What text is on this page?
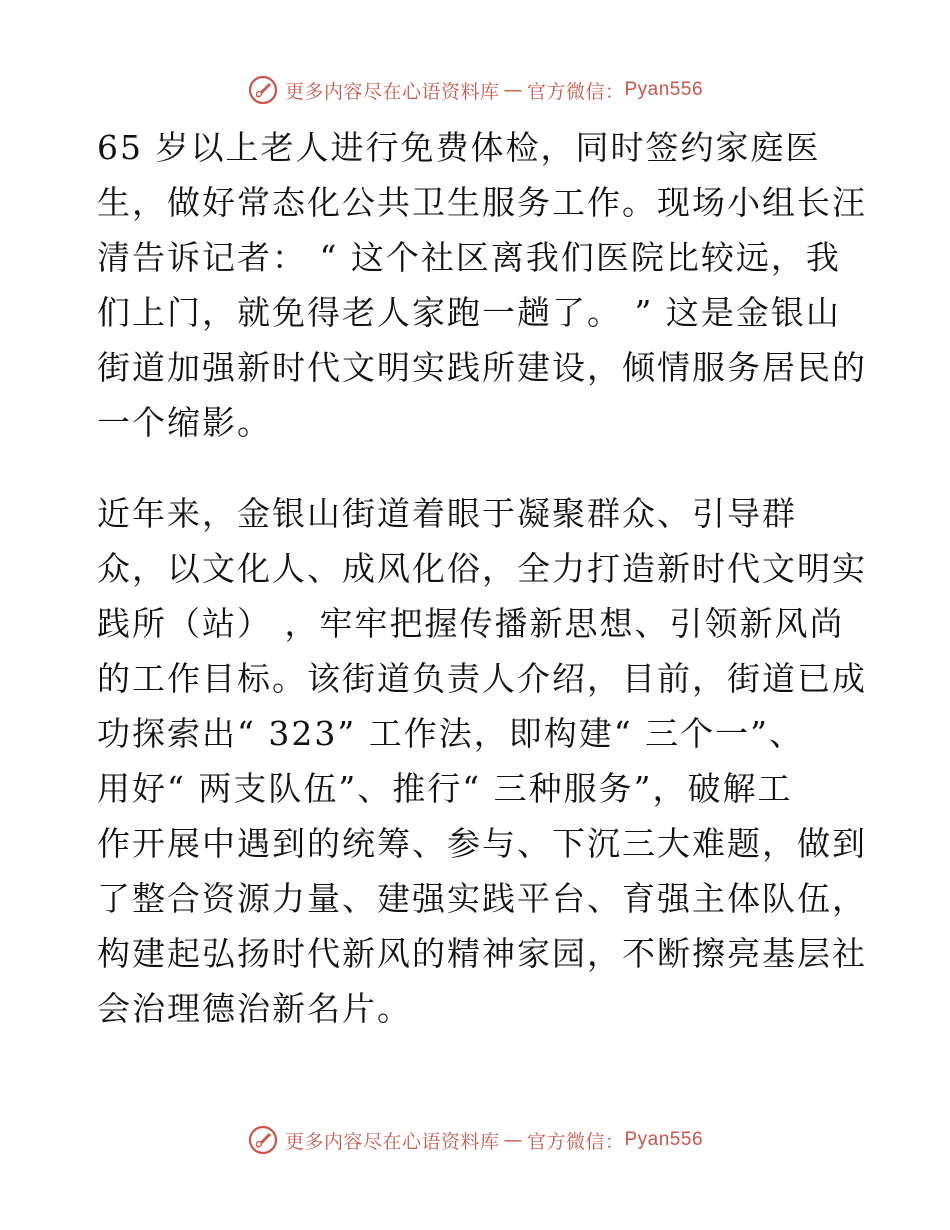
更多内容尽在心语资料库 — 官方微信： Pyan556
65 岁以上老人进行免费体检，同时签约家庭医
生，做好常态化公共卫生服务工作。现场小组长汪
清告诉记者： “ 这个社区离我们医院比较远，我
们上门，就免得老人家跑一趟了。 ” 这是金银山
街道加强新时代文明实践所建设，倾情服务居民的
一个缩影。
近年来，金银山街道着眼于凝聚群众、引导群
众，以文化人、成风化俗，全力打造新时代文明实
践所（站） ，牢牢把握传播新思想、引领新风尚
的工作目标。该街道负责人介绍，目前，街道已成
功探索出“ 323” 工作法，即构建“ 三个一”、
用好“ 两支队伍”、推行“ 三种服务”，破解工
作开展中遇到的统筹、参与、下沉三大难题，做到
了整合资源力量、建强实践平台、育强主体队伍，
构建起弘扬时代新风的精神家园，不断擦亮基层社
会治理德治新名片。
更多内容尽在心语资料库 — 官方微信： Pyan556
